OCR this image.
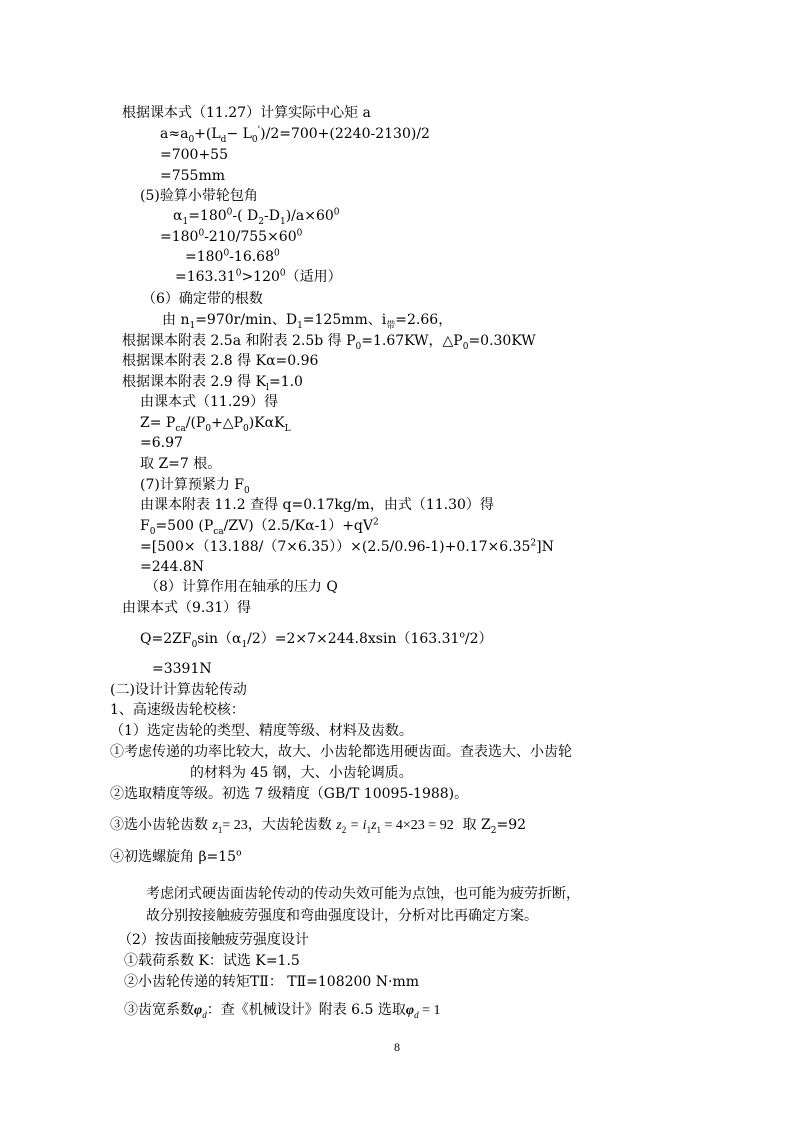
根据课本式（11.27）计算实际中心矩 a
$a\approx a_0+(L_d- L_0')/2=700+(2240-2130)/2$
=700+55
=755mm
(5)验算小带轮包角
$\alpha_1=180^0-$( $D_2-D_1)/a\times 60^0$
$=180^0-210/755\times 60^0$
$=180^0-16.68^0$
$=163.31^0>120^0$（适用）
（6）确定带的根数
由 $n_1=970r/\min$、$D_1=125mm$、$i_带=2.66$，
根据课本附表 2.5a 和附表 2.5b 得 $P_0=1.67KW$，$\triangle P_0=0.30KW$
根据课本附表 2.8 得 Kα=0.96
根据课本附表 2.9 得 $K_l=1.0$
由课本式（11.29）得
$Z= P_{ca}/(P_0+\triangle P_0)K\alpha K_L$
=6.97
取 Z=7 根。
(7)计算预紧力 $F_0$
由课本附表 11.2 查得 q=0.17kg/m，由式（11.30）得
$F_0=500$ $(P_{ca}/ZV)(2.5/K\alpha-1)+qV^2$
$=[500\times(13.188/(7\times 6.35))\times(2.5/0.96-1)+0.17\times 6.35^2]N$
=244.8N
（8）计算作用在轴承的压力 Q
由课本式（9.31）得
$Q=2ZF_0\sin(\alpha_1/2)=2\times 7\times 244.8xsin(163.31^o/2)$
=3391N
(二)设计计算齿轮传动
1、高速级齿轮校核：
（1）选定齿轮的类型、精度等级、材料及齿数。
①考虑传递的功率比较大，故大、小齿轮都选用硬齿面。查表选大、小齿轮
的材料为 45 钢，大、小齿轮调质。
②选取精度等级。初选 7 级精度（GB/T 10095-1988)。
③选小齿轮齿数 $z_1= 23$，大齿轮齿数 $z_2 = i_1z_1 = 4\times 23 = 92$ 取 $Z_2=92$
④初选螺旋角 $\beta=15^o$
考虑闭式硬齿面齿轮传动的传动失效可能为点蚀，也可能为疲劳折断，
故分别按接触疲劳强度和弯曲强度设计，分析对比再确定方案。
（2）按齿面接触疲劳强度设计
①载荷系数 K：试选 K=1.5
②小齿轮传递的转矩TⅡ： TⅡ=108200 N·mm
③齿宽系数$\varphi_d$：查《机械设计》附表 6.5 选取$\varphi_d = 1$
8
